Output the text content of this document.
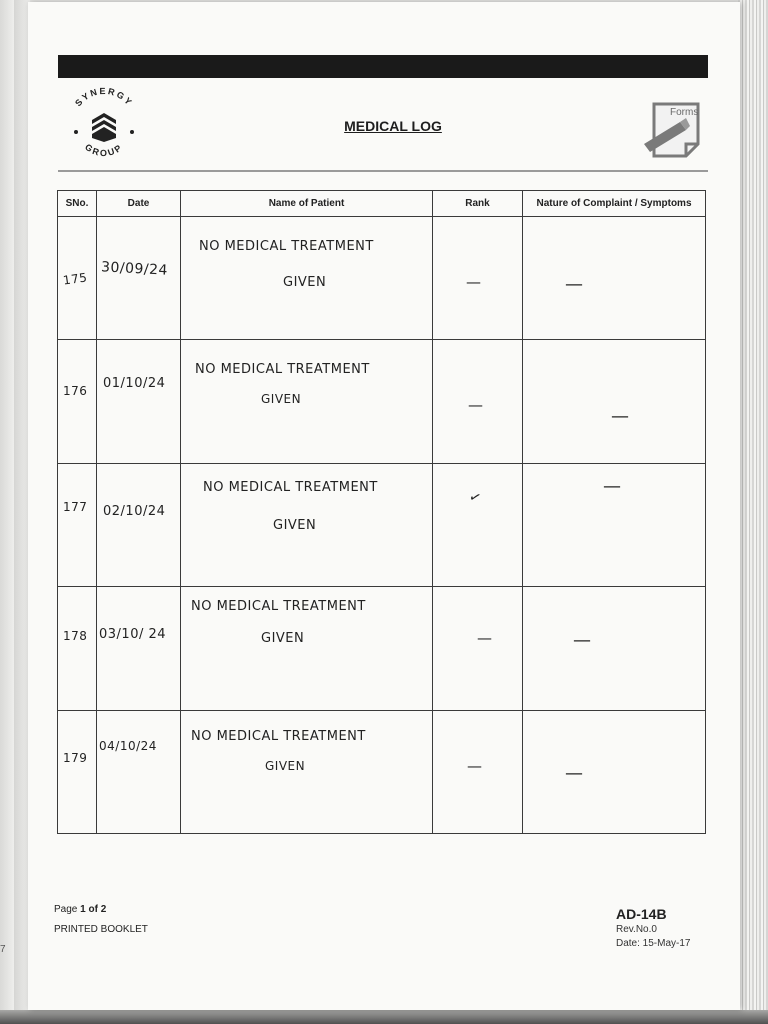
7
SYNERGY
GROUP
MEDICAL LOG
Forms
SNo.	Date	Name of Patient	Rank	Nature of Complaint / Symptoms

175	30/09/24	NO MEDICAL TREATMENT
GIVEN	—	—

176	01/10/24	NO MEDICAL TREATMENT
GIVEN	—	—

177	02/10/24	NO MEDICAL TREATMENT
GIVEN	✓	—

178	03/10/ 24	NO MEDICAL TREATMENT
GIVEN	—	—

179	04/10/24	NO MEDICAL TREATMENT
GIVEN	—	—
Page 1 of 2
PRINTED BOOKLET
AD-14B
Rev.No.0
Date: 15-May-17
